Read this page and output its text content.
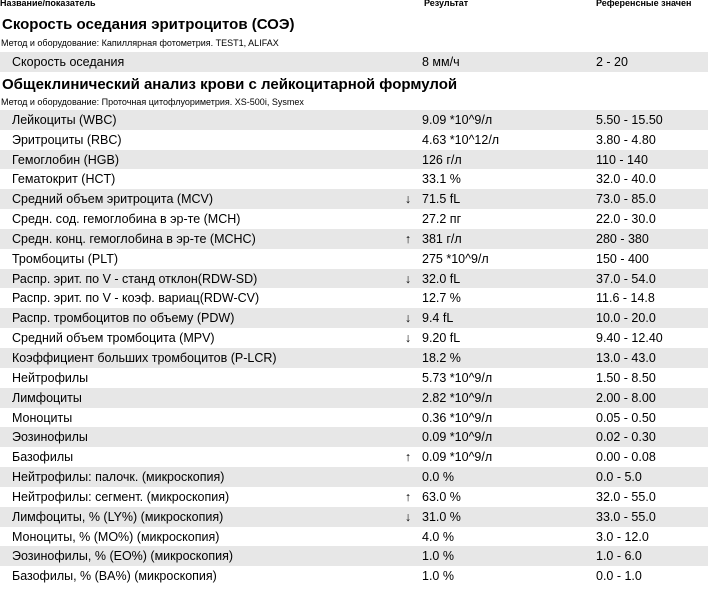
Название/показатель	Результат	Референсные значен
Скорость оседания эритроцитов (СОЭ)
Метод и оборудование: Капиллярная фотометрия. TEST1, ALIFAX
Скорость оседания	8 мм/ч	2 - 20
Общеклинический анализ крови с лейкоцитарной формулой
Метод и оборудование: Проточная цитофлуориметрия. XS-500i, Sysmex
Лейкоциты (WBC)	9.09 *10^9/л	5.50 - 15.50
Эритроциты (RBC)	4.63 *10^12/л	3.80 - 4.80
Гемоглобин (HGB)	126 г/л	110 - 140
Гематокрит (HCT)	33.1 %	32.0 - 40.0
Средний объем эритроцита (MCV)	↓ 71.5 fL	73.0 - 85.0
Средн. сод. гемоглобина в эр-те (MCH)	27.2 пг	22.0 - 30.0
Средн. конц. гемоглобина в эр-те (MCHC)	↑ 381 г/л	280 - 380
Тромбоциты (PLT)	275 *10^9/л	150 - 400
Распр. эрит. по V - станд отклон(RDW-SD)	↓ 32.0 fL	37.0 - 54.0
Распр. эрит. по V - коэф. вариац(RDW-CV)	12.7 %	11.6 - 14.8
Распр. тромбоцитов по объему (PDW)	↓ 9.4 fL	10.0 - 20.0
Средний объем тромбоцита (MPV)	↓ 9.20 fL	9.40 - 12.40
Коэффициент больших тромбоцитов (P-LCR)	18.2 %	13.0 - 43.0
Нейтрофилы	5.73 *10^9/л	1.50 - 8.50
Лимфоциты	2.82 *10^9/л	2.00 - 8.00
Моноциты	0.36 *10^9/л	0.05 - 0.50
Эозинофилы	0.09 *10^9/л	0.02 - 0.30
Базофилы	↑ 0.09 *10^9/л	0.00 - 0.08
Нейтрофилы: палочк. (микроскопия)	0.0 %	0.0 - 5.0
Нейтрофилы: сегмент. (микроскопия)	↑ 63.0 %	32.0 - 55.0
Лимфоциты, % (LY%) (микроскопия)	↓ 31.0 %	33.0 - 55.0
Моноциты, % (MO%) (микроскопия)	4.0 %	3.0 - 12.0
Эозинофилы, % (EO%) (микроскопия)	1.0 %	1.0 - 6.0
Базофилы, % (BA%) (микроскопия)	1.0 %	0.0 - 1.0
